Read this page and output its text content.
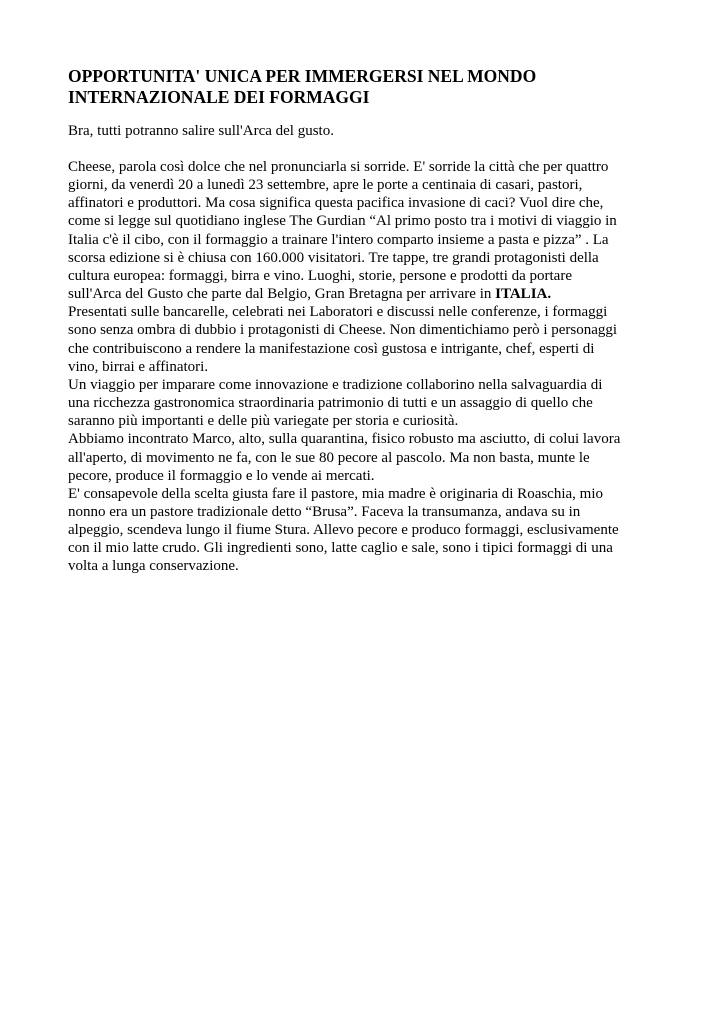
OPPORTUNITA' UNICA PER IMMERGERSI NEL MONDO
INTERNAZIONALE DEI FORMAGGI

Bra, tutti potranno salire sull'Arca del gusto.

Cheese, parola così dolce che nel pronunciarla si sorride. E' sorride la città che per quattro
giorni, da venerdì 20 a lunedì 23 settembre, apre le porte a centinaia di casari, pastori,
affinatori e produttori. Ma cosa significa questa pacifica invasione di caci? Vuol dire che,
come si legge sul quotidiano inglese The Gurdian “Al primo posto tra i motivi di viaggio in
Italia c'è il cibo, con il formaggio a trainare l'intero comparto insieme a pasta e pizza” . La
scorsa edizione si è chiusa con 160.000 visitatori. Tre tappe, tre grandi protagonisti della
cultura europea: formaggi, birra e vino. Luoghi, storie, persone e prodotti da portare
sull'Arca del Gusto che parte dal Belgio, Gran Bretagna per arrivare in ITALIA.
Presentati sulle bancarelle, celebrati nei Laboratori e discussi nelle conferenze, i formaggi
sono senza ombra di dubbio i protagonisti di Cheese. Non dimentichiamo però i personaggi
che contribuiscono a rendere la manifestazione così gustosa e intrigante, chef, esperti di
vino, birrai e affinatori.
Un viaggio per imparare come innovazione e tradizione collaborino nella salvaguardia di
una ricchezza gastronomica straordinaria patrimonio di tutti e un assaggio di quello che
saranno più importanti e delle più variegate per storia e curiosità.
Abbiamo incontrato Marco, alto, sulla quarantina, fisico robusto ma asciutto, di colui lavora
all'aperto, di movimento ne fa, con le sue 80 pecore al pascolo. Ma non basta, munte le
pecore, produce il formaggio e lo vende ai mercati.
E' consapevole della scelta giusta fare il pastore, mia madre è originaria di Roaschia, mio
nonno era un pastore tradizionale detto “Brusa”. Faceva la transumanza, andava su in
alpeggio, scendeva lungo il fiume Stura. Allevo pecore e produco formaggi, esclusivamente
con il mio latte crudo. Gli ingredienti sono, latte caglio e sale, sono i tipici formaggi di una
volta a lunga conservazione.
